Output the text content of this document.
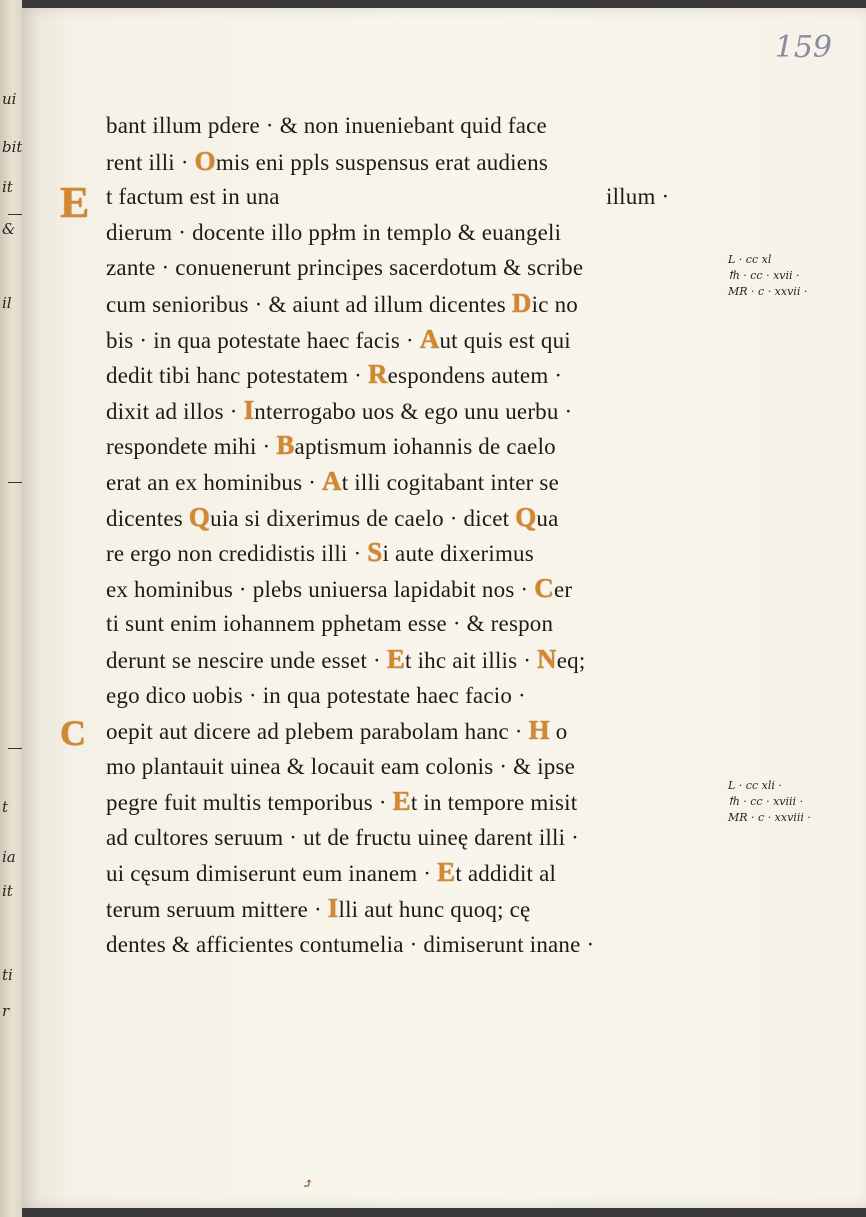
ui
bit
it
&
il
t
ia
it
ti
r
159
bant illum pdere · & non inueniebant quid face
rent illi · Omis eni ppls suspensus erat audiens
E t factum est in una	illum ·
dierum · docente illo ppłm in templo & euangeli
zante · conuenerunt principes sacerdotum & scribe
cum senioribus · & aiunt ad illum dicentes Dic no
bis · in qua potestate haec facis · Aut quis est qui
dedit tibi hanc potestatem · Respondens autem ·
dixit ad illos · Interrogabo uos & ego unu uerbu ·
respondete mihi · Baptismum iohannis de caelo
erat an ex hominibus · At illi cogitabant inter se
dicentes Quia si dixerimus de caelo · dicet Qua
re ergo non credidistis illi · Si aute dixerimus
ex hominibus · plebs uniuersa lapidabit nos · Cer
ti sunt enim iohannem pphetam esse · & respon
derunt se nescire unde esset · Et ihc ait illis · Neq;
ego dico uobis · in qua potestate haec facio ·
C oepit aut dicere ad plebem parabolam hanc · H o
mo plantauit uinea & locauit eam colonis · & ipse
pegre fuit multis temporibus · Et in tempore misit
ad cultores seruum · ut de fructu uineę darent illi ·
ui cęsum dimiserunt eum inanem · Et addidit al
terum seruum mittere · Illi aut hunc quoq; cę
dentes & afficientes contumelia · dimiserunt inane ·
L · cc xl
ꝉh · cc · xvii ·
MR · c · xxvii ·
L · cc xli ·
ꝉh · cc · xviii ·
MR · c · xxviii ·
⤴
